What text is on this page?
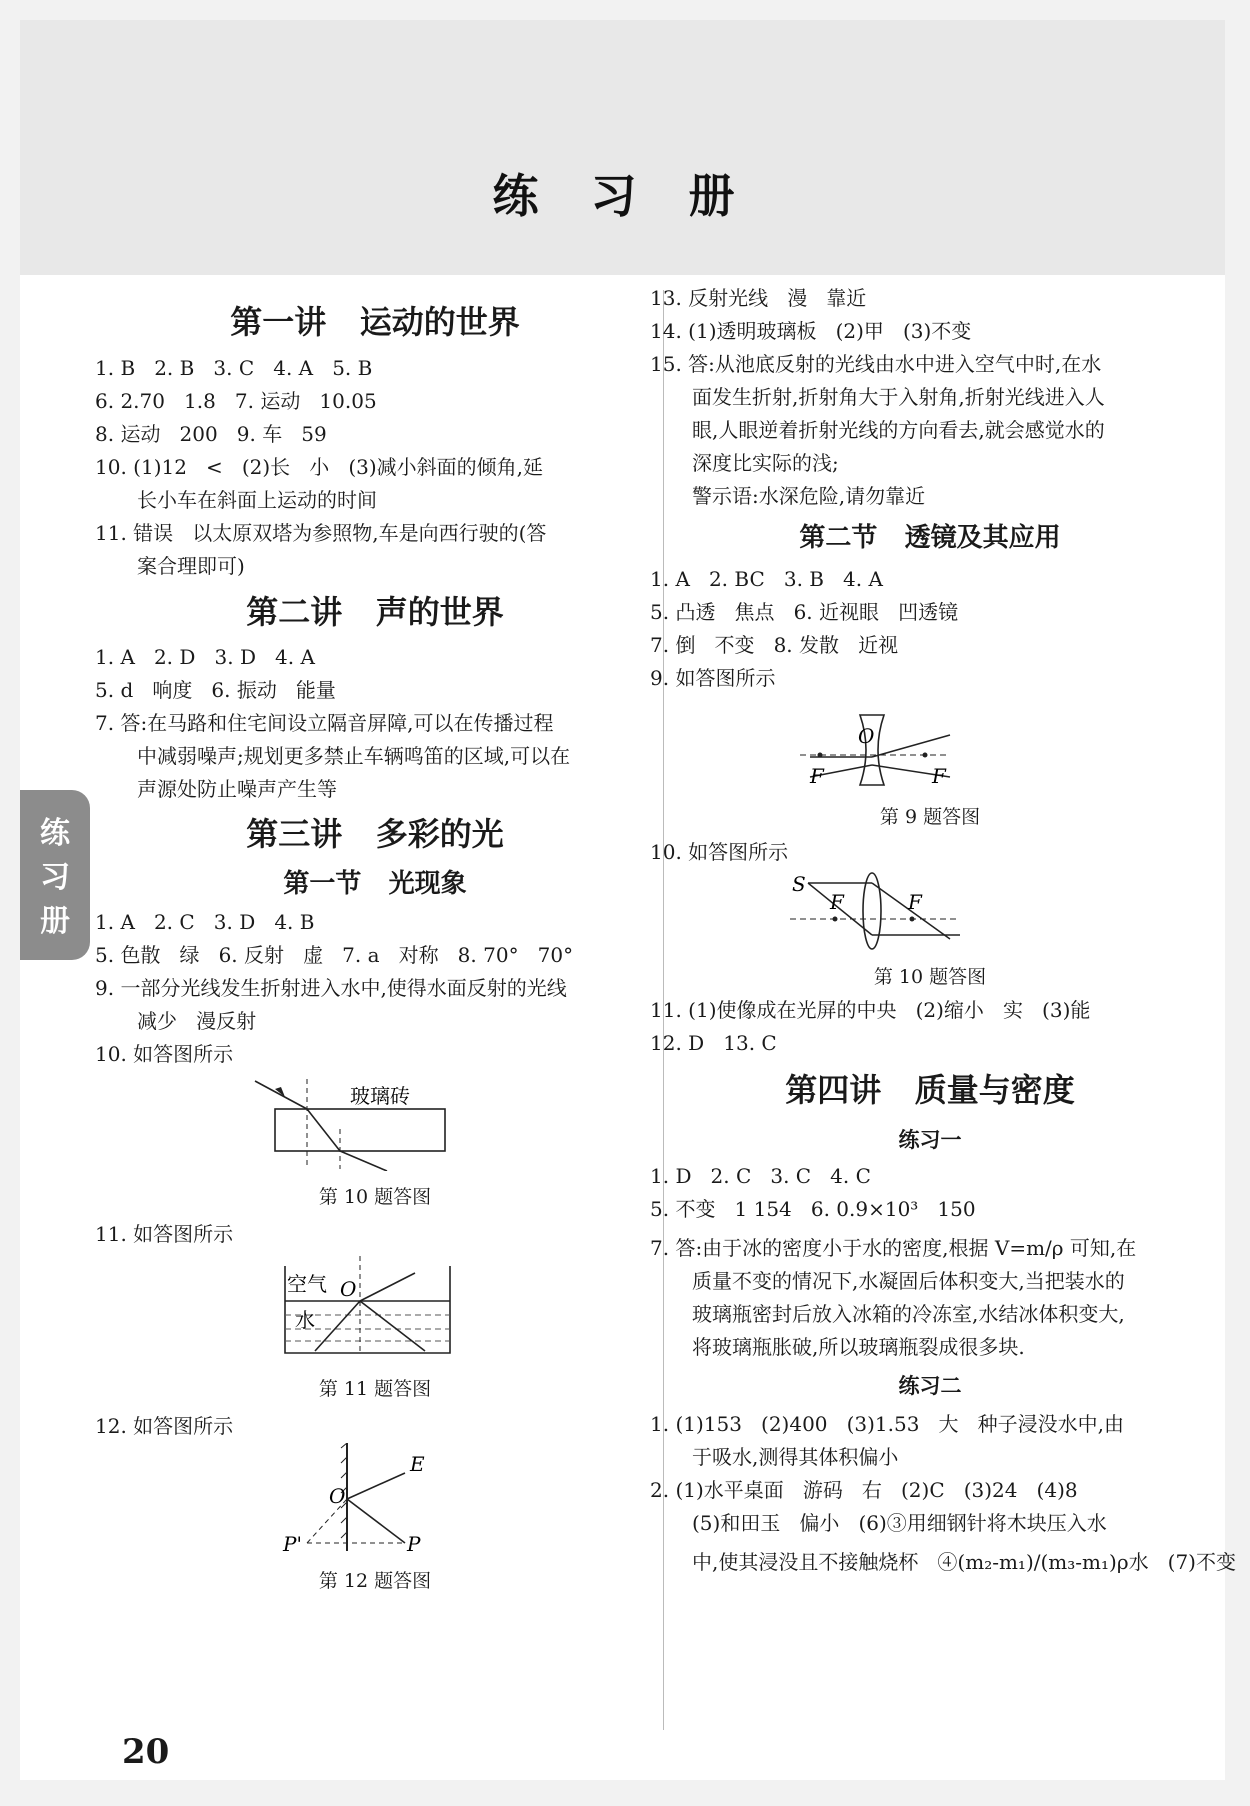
练 习 册
第一讲   运动的世界
1. B   2. B   3. C   4. A   5. B
6. 2.70   1.8   7. 运动   10.05
8. 运动   200   9. 车   59
10. (1)12   <   (2)长   小   (3)减小斜面的倾角,延
长小车在斜面上运动的时间
11. 错误   以太原双塔为参照物,车是向西行驶的(答
案合理即可)
第二讲   声的世界
1. A   2. D   3. D   4. A
5. d   响度   6. 振动   能量
7. 答:在马路和住宅间设立隔音屏障,可以在传播过程
中减弱噪声;规划更多禁止车辆鸣笛的区域,可以在
声源处防止噪声产生等
第三讲   多彩的光
第一节   光现象
1. A   2. C   3. D   4. B
5. 色散   绿   6. 反射   虚   7. a   对称   8. 70°   70°
9. 一部分光线发生折射进入水中,使得水面反射的光线
减少   漫反射
10. 如答图所示
玻璃砖
第 10 题答图
11. 如答图所示
空气
水
O
第 11 题答图
12. 如答图所示
E
O
P'	P
第 12 题答图
13. 反射光线   漫   靠近
14. (1)透明玻璃板   (2)甲   (3)不变
15. 答:从池底反射的光线由水中进入空气中时,在水
面发生折射,折射角大于入射角,折射光线进入人
眼,人眼逆着折射光线的方向看去,就会感觉水的
深度比实际的浅;
警示语:水深危险,请勿靠近
第二节   透镜及其应用
1. A   2. BC   3. B   4. A
5. 凸透   焦点   6. 近视眼   凹透镜
7. 倒   不变   8. 发散   近视
9. 如答图所示
F	F
O
第 9 题答图
10. 如答图所示
S
F	F
第 10 题答图
11. (1)使像成在光屏的中央   (2)缩小   实   (3)能
12. D   13. C
第四讲   质量与密度
练习一
1. D   2. C   3. C   4. C
5. 不变   1 154   6. 0.9×10³   150
7. 答:由于冰的密度小于水的密度,根据 V=m/ρ 可知,在
质量不变的情况下,水凝固后体积变大,当把装水的
玻璃瓶密封后放入冰箱的冷冻室,水结冰体积变大,
将玻璃瓶胀破,所以玻璃瓶裂成很多块.
练习二
1. (1)153   (2)400   (3)1.53   大   种子浸没水中,由
于吸水,测得其体积偏小
2. (1)水平桌面   游码   右   (2)C   (3)24   (4)8
(5)和田玉   偏小   (6)③用细钢针将木块压入水
中,使其浸没且不接触烧杯   ④(m₂-m₁)/(m₃-m₁)ρ水   (7)不变
20
练
习
册
